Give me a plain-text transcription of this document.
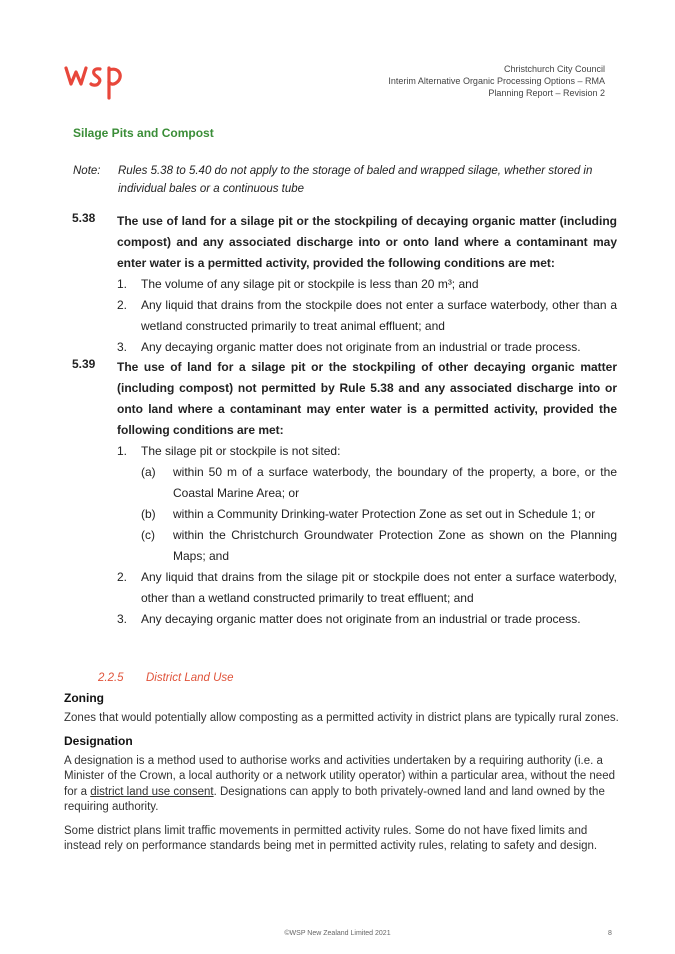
Christchurch City Council
Interim Alternative Organic Processing Options – RMA
Planning Report – Revision 2
Silage Pits and Compost
Note: Rules 5.38 to 5.40 do not apply to the storage of baled and wrapped silage, whether stored in individual bales or a continuous tube
5.38 The use of land for a silage pit or the stockpiling of decaying organic matter (including compost) and any associated discharge into or onto land where a contaminant may enter water is a permitted activity, provided the following conditions are met:
1. The volume of any silage pit or stockpile is less than 20 m³; and
2. Any liquid that drains from the stockpile does not enter a surface waterbody, other than a wetland constructed primarily to treat animal effluent; and
3. Any decaying organic matter does not originate from an industrial or trade process.
5.39 The use of land for a silage pit or the stockpiling of other decaying organic matter (including compost) not permitted by Rule 5.38 and any associated discharge into or onto land where a contaminant may enter water is a permitted activity, provided the following conditions are met:
1. The silage pit or stockpile is not sited:
(a) within 50 m of a surface waterbody, the boundary of the property, a bore, or the Coastal Marine Area; or
(b) within a Community Drinking-water Protection Zone as set out in Schedule 1; or
(c) within the Christchurch Groundwater Protection Zone as shown on the Planning Maps; and
2. Any liquid that drains from the silage pit or stockpile does not enter a surface waterbody, other than a wetland constructed primarily to treat effluent; and
3. Any decaying organic matter does not originate from an industrial or trade process.
2.2.5 District Land Use
Zoning

Zones that would potentially allow composting as a permitted activity in district plans are typically rural zones.

Designation

A designation is a method used to authorise works and activities undertaken by a requiring authority (i.e. a Minister of the Crown, a local authority or a network utility operator) within a particular area, without the need for a district land use consent. Designations can apply to both privately-owned land and land owned by the requiring authority.

Some district plans limit traffic movements in permitted activity rules. Some do not have fixed limits and instead rely on performance standards being met in permitted activity rules, relating to safety and design.

©WSP New Zealand Limited 2021	8
